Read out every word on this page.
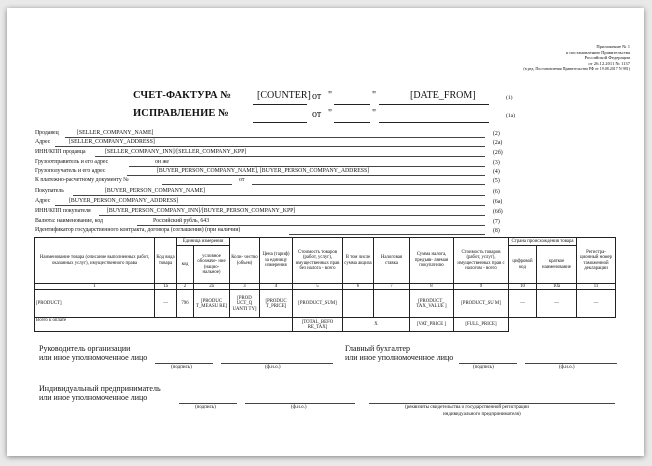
Приложение № 1
к постановлению Правительства
Российской Федерации
от 26.12.2011 № 1137
(в ред. Постановления Правительства РФ от 19.08.2017 N 981)
СЧЕТ-ФАКТУРА №	[COUNTER] от "	"	[DATE_FROM]	(1)
ИСПРАВЛЕНИЕ №	от "	"	(1а)
Продавец	[SELLER_COMPANY_NAME]	(2)
Адрес	[SELLER_COMPANY_ADDRESS]	(2а)
ИНН/КПП продавца	[SELLER_COMPANY_INN]/[SELLER_COMPANY_KPP]	(2б)
Грузоотправитель и его адрес	он же	(3)
Грузополучатель и его адрес	[BUYER_PERSON_COMPANY_NAME], [BUYER_PERSON_COMPANY_ADDRESS]	(4)
К платежно-расчетному документу №	от	(5)
Покупатель	[BUYER_PERSON_COMPANY_NAME]	(6)
Адрес	[BUYER_PERSON_COMPANY_ADDRESS]	(6а)
ИНН/КПП покупателя	[BUYER_PERSON_COMPANY_INN]/[BUYER_PERSON_COMPANY_KPP]	(6б)
Валюта: наименование, код	Российский рубль, 643	(7)
Идентификатор государственного контракта, договора (соглашения) (при наличии)	(8)
Наименование товара (описание выполненных работ, оказанных услуг), имущественного права	Код вида товара	Единица измерения		Коли- чество (объем)	Цена (тариф) за единицу измерения	Стоимость товаров (работ, услуг), имущественных прав без налога - всего	В том числе сумма акциза	Налоговая ставка	Сумма налога, предъяв- ляемая покупателю	Стоимость товаров (работ, услуг), имущественных прав с налогом - всего	Страна происхождения товара		Регистра- ционный номер таможенной декларации
		код	условное обозначе- ние (нацио- нальное)								цифровой код	краткое наименование	
1	1а	2	2а	3	4	5	6	7	8	9	10	10а	11
[PRODUCT]	—	796	[PRODUC T_MEASU RE]	[PROD UCT_Q UANTI TY]	[PRODUC T_PRICE]	[PRODUCT_SUM]			[PRODUCT_ TAX_VALUE ]	[PRODUCT_SU M]	—	—	—
Всего к оплате						[TOTAL_BEFO RE_TAX]	X		[VAT_PRICE ]	[FULL_PRICE]			
Руководитель организации
или иное уполномоченное лицо
(подпись)	(ф.и.о.)
Главный бухгалтер
или иное уполномоченное лицо
(подпись)	(ф.и.о.)
Индивидуальный предприниматель
или иное уполномоченное лицо
(подпись)	(ф.и.о.)	(реквизиты свидетельства о государственной регистрации
индивидуального предпринимателя)
